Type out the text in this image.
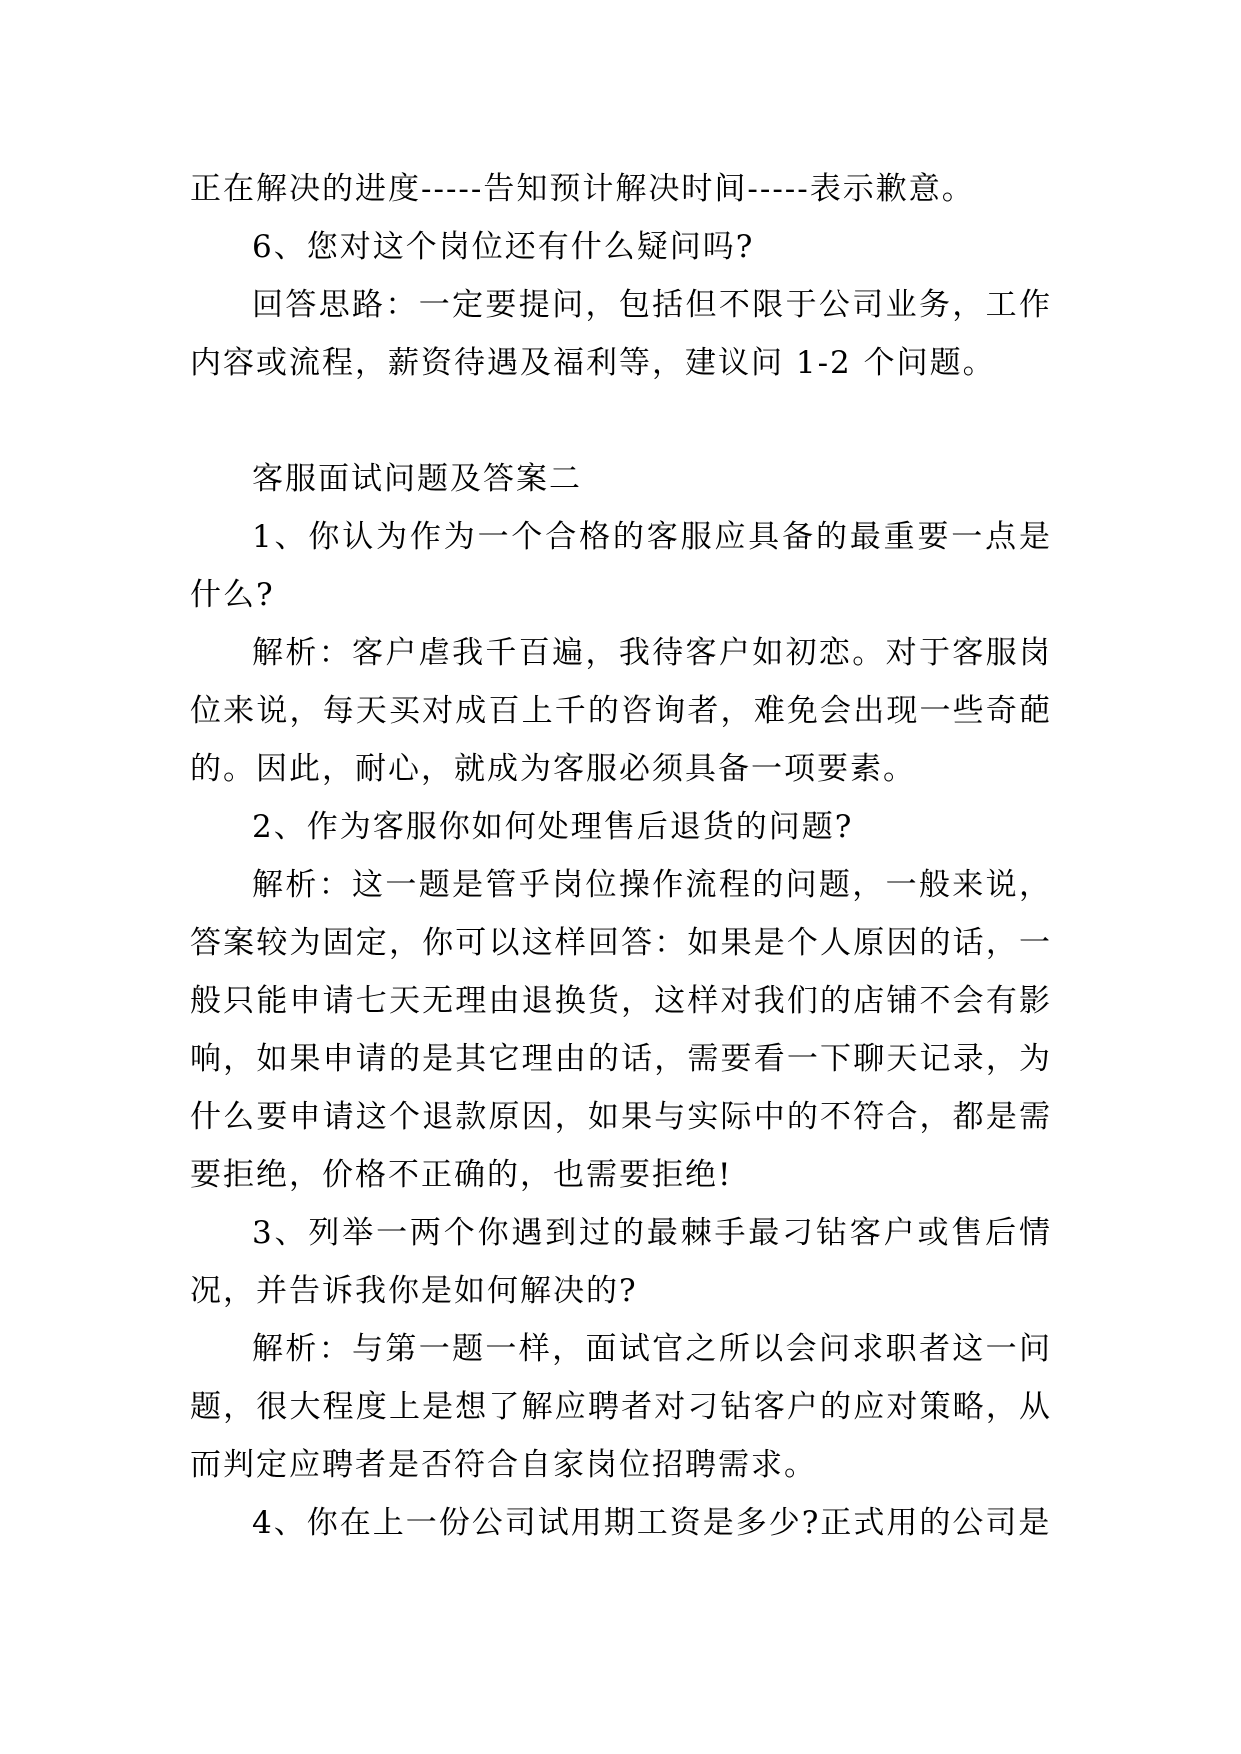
正在解决的进度-----告知预计解决时间-----表示歉意。

6、您对这个岗位还有什么疑问吗?

回答思路：一定要提问，包括但不限于公司业务，工作内容或流程，薪资待遇及福利等，建议问 1-2 个问题。

客服面试问题及答案二

1、你认为作为一个合格的客服应具备的最重要一点是什么?

解析：客户虐我千百遍，我待客户如初恋。对于客服岗位来说，每天买对成百上千的咨询者，难免会出现一些奇葩的。因此，耐心，就成为客服必须具备一项要素。

2、作为客服你如何处理售后退货的问题?

解析：这一题是管乎岗位操作流程的问题，一般来说，答案较为固定，你可以这样回答：如果是个人原因的话，一般只能申请七天无理由退换货，这样对我们的店铺不会有影响，如果申请的是其它理由的话，需要看一下聊天记录，为什么要申请这个退款原因，如果与实际中的不符合，都是需要拒绝，价格不正确的，也需要拒绝!

3、列举一两个你遇到过的最棘手最刁钻客户或售后情况，并告诉我你是如何解决的?

解析：与第一题一样，面试官之所以会问求职者这一问题，很大程度上是想了解应聘者对刁钻客户的应对策略，从而判定应聘者是否符合自家岗位招聘需求。

4、你在上一份公司试用期工资是多少?正式用的公司是
